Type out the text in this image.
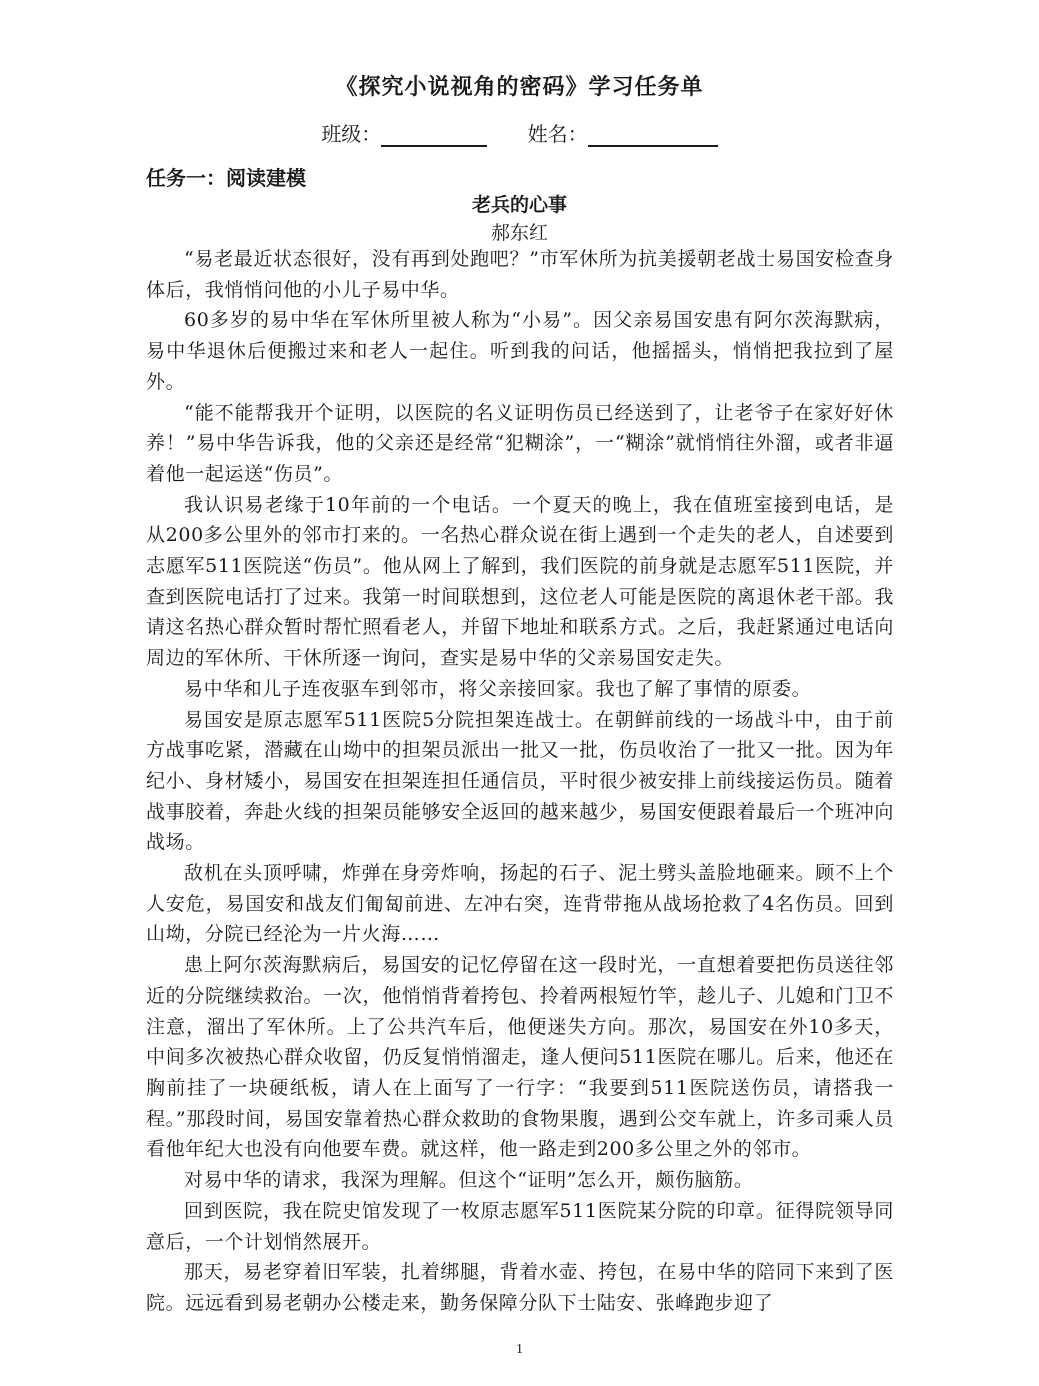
《探究小说视角的密码》学习任务单
班级：	姓名：
任务一：阅读建模
老兵的心事
郝东红

“易老最近状态很好，没有再到处跑吧？”市军休所为抗美援朝老战士易国安检查身体后，我悄悄问他的小儿子易中华。

60多岁的易中华在军休所里被人称为“小易”。因父亲易国安患有阿尔茨海默病，易中华退休后便搬过来和老人一起住。听到我的问话，他摇摇头，悄悄把我拉到了屋外。

“能不能帮我开个证明，以医院的名义证明伤员已经送到了，让老爷子在家好好休养！”易中华告诉我，他的父亲还是经常“犯糊涂”，一“糊涂”就悄悄往外溜，或者非逼着他一起运送“伤员”。

我认识易老缘于10年前的一个电话。一个夏天的晚上，我在值班室接到电话，是从200多公里外的邻市打来的。一名热心群众说在街上遇到一个走失的老人，自述要到志愿军511医院送“伤员”。他从网上了解到，我们医院的前身就是志愿军511医院，并查到医院电话打了过来。我第一时间联想到，这位老人可能是医院的离退休老干部。我请这名热心群众暂时帮忙照看老人，并留下地址和联系方式。之后，我赶紧通过电话向周边的军休所、干休所逐一询问，查实是易中华的父亲易国安走失。

易中华和儿子连夜驱车到邻市，将父亲接回家。我也了解了事情的原委。

易国安是原志愿军511医院5分院担架连战士。在朝鲜前线的一场战斗中，由于前方战事吃紧，潜藏在山坳中的担架员派出一批又一批，伤员收治了一批又一批。因为年纪小、身材矮小，易国安在担架连担任通信员，平时很少被安排上前线接运伤员。随着战事胶着，奔赴火线的担架员能够安全返回的越来越少，易国安便跟着最后一个班冲向战场。

敌机在头顶呼啸，炸弹在身旁炸响，扬起的石子、泥土劈头盖脸地砸来。顾不上个人安危，易国安和战友们匍匐前进、左冲右突，连背带拖从战场抢救了4名伤员。回到山坳，分院已经沦为一片火海……

患上阿尔茨海默病后，易国安的记忆停留在这一段时光，一直想着要把伤员送往邻近的分院继续救治。一次，他悄悄背着挎包、拎着两根短竹竿，趁儿子、儿媳和门卫不注意，溜出了军休所。上了公共汽车后，他便迷失方向。那次，易国安在外10多天，中间多次被热心群众收留，仍反复悄悄溜走，逢人便问511医院在哪儿。后来，他还在胸前挂了一块硬纸板，请人在上面写了一行字：“我要到511医院送伤员，请搭我一程。”那段时间，易国安靠着热心群众救助的食物果腹，遇到公交车就上，许多司乘人员看他年纪大也没有向他要车费。就这样，他一路走到200多公里之外的邻市。

对易中华的请求，我深为理解。但这个“证明”怎么开，颇伤脑筋。

回到医院，我在院史馆发现了一枚原志愿军511医院某分院的印章。征得院领导同意后，一个计划悄然展开。

那天，易老穿着旧军装，扎着绑腿，背着水壶、挎包，在易中华的陪同下来到了医院。远远看到易老朝办公楼走来，勤务保障分队下士陆安、张峰跑步迎了

1
